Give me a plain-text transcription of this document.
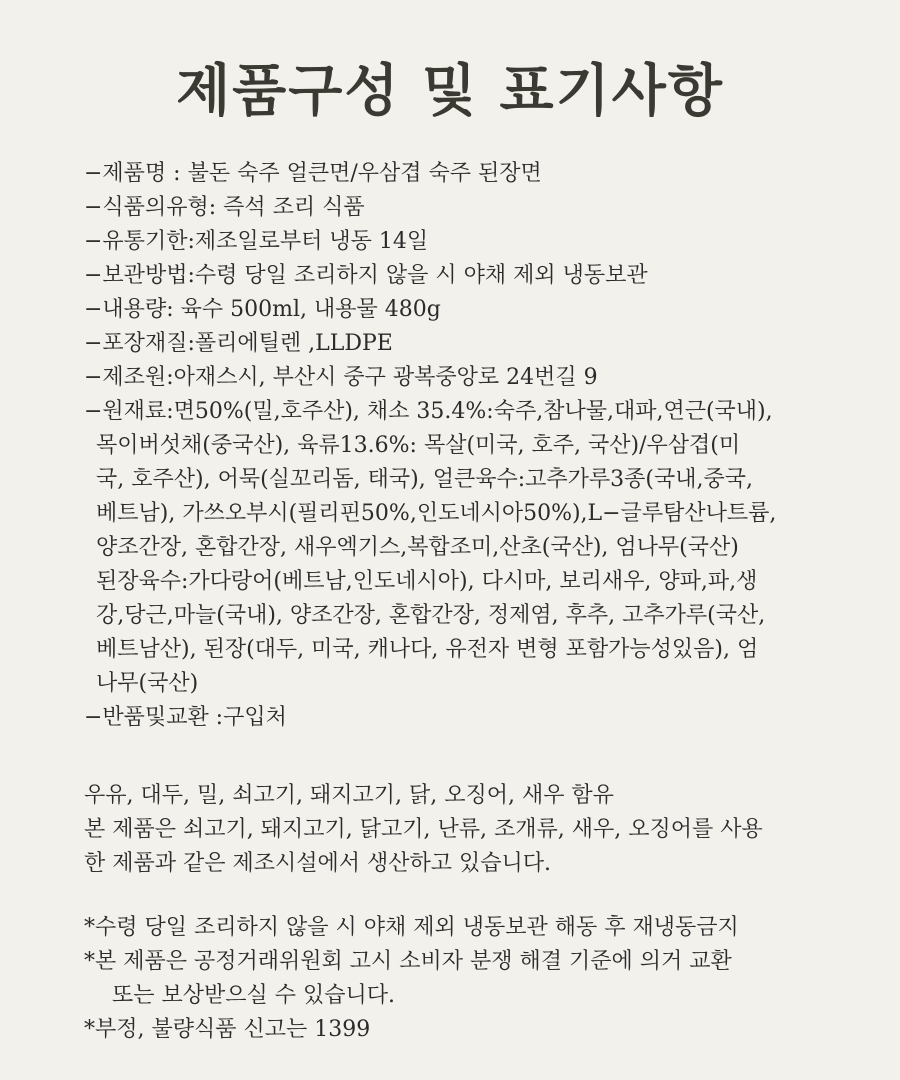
제품구성 및 표기사항
−제품명 : 불돈 숙주 얼큰면/우삼겹 숙주 된장면
−식품의유형: 즉석 조리 식품
−유통기한:제조일로부터 냉동 14일
−보관방법:수령 당일 조리하지 않을 시 야채 제외 냉동보관
−내용량: 육수 500ml, 내용물 480g
−포장재질:폴리에틸렌 ,LLDPE
−제조원:아재스시, 부산시 중구 광복중앙로 24번길 9
−원재료:면50%(밀,호주산), 채소 35.4%:숙주,참나물,대파,연근(국내),
목이버섯채(중국산), 육류13.6%: 목살(미국, 호주, 국산)/우삼겹(미
국, 호주산), 어묵(실꼬리돔, 태국), 얼큰육수:고추가루3종(국내,중국,
베트남), 가쓰오부시(필리핀50%,인도네시아50%),L−글루탐산나트륨,
양조간장, 혼합간장, 새우엑기스,복합조미,산초(국산), 엄나무(국산)
된장육수:가다랑어(베트남,인도네시아), 다시마, 보리새우, 양파,파,생
강,당근,마늘(국내), 양조간장, 혼합간장, 정제염, 후추, 고추가루(국산,
베트남산), 된장(대두, 미국, 캐나다, 유전자 변형 포함가능성있음), 엄
나무(국산)
−반품및교환 :구입처
우유, 대두, 밀, 쇠고기, 돼지고기, 닭, 오징어, 새우 함유
본 제품은 쇠고기, 돼지고기, 닭고기, 난류, 조개류, 새우, 오징어를 사용
한 제품과 같은 제조시설에서 생산하고 있습니다.
*수령 당일 조리하지 않을 시 야채 제외 냉동보관 해동 후 재냉동금지
*본 제품은 공정거래위원회 고시 소비자 분쟁 해결 기준에 의거 교환
또는 보상받으실 수 있습니다.
*부정, 불량식품 신고는 1399
